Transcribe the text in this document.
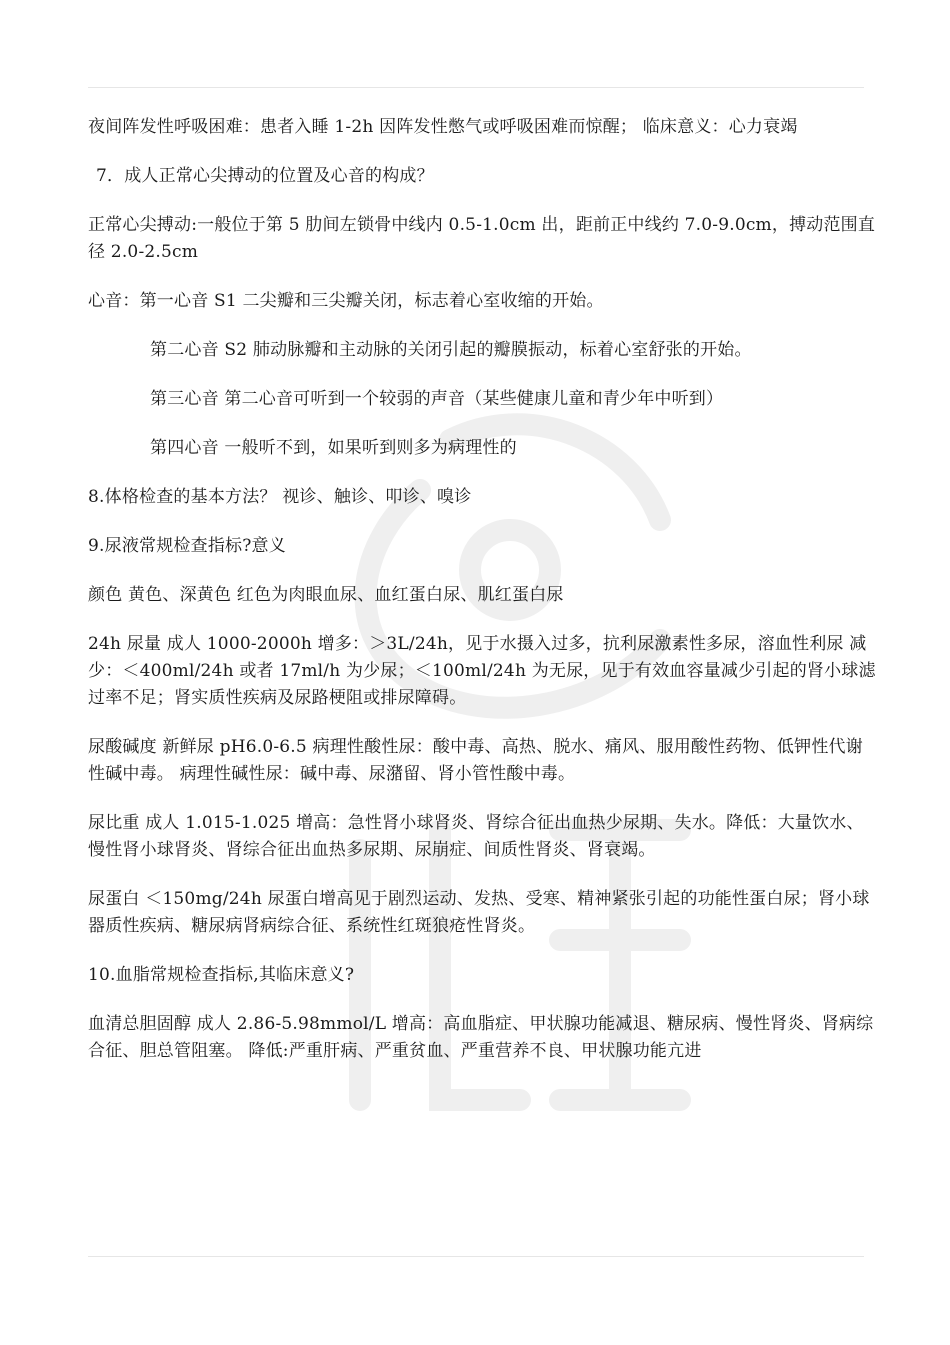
夜间阵发性呼吸困难：患者入睡 1-2h 因阵发性憋气或呼吸困难而惊醒； 临床意义：心力衰竭

7．成人正常心尖搏动的位置及心音的构成？

正常心尖搏动:一般位于第 5 肋间左锁骨中线内 0.5-1.0cm 出，距前正中线约 7.0-9.0cm，搏动范围直径 2.0-2.5cm

心音：第一心音 S1 二尖瓣和三尖瓣关闭，标志着心室收缩的开始。

第二心音 S2 肺动脉瓣和主动脉的关闭引起的瓣膜振动，标着心室舒张的开始。

第三心音 第二心音可听到一个较弱的声音（某些健康儿童和青少年中听到）

第四心音 一般听不到，如果听到则多为病理性的

8.体格检查的基本方法？ 视诊、触诊、叩诊、嗅诊

9.尿液常规检查指标?意义

颜色 黄色、深黄色 红色为肉眼血尿、血红蛋白尿、肌红蛋白尿

24h 尿量 成人 1000-2000h 增多：＞3L/24h，见于水摄入过多，抗利尿激素性多尿，溶血性利尿 减少：＜400ml/24h 或者 17ml/h 为少尿；＜100ml/24h 为无尿，见于有效血容量减少引起的肾小球滤过率不足；肾实质性疾病及尿路梗阻或排尿障碍。

尿酸碱度 新鲜尿 pH6.0-6.5 病理性酸性尿：酸中毒、高热、脱水、痛风、服用酸性药物、低钾性代谢性碱中毒。 病理性碱性尿：碱中毒、尿潴留、肾小管性酸中毒。

尿比重 成人 1.015-1.025 增高：急性肾小球肾炎、肾综合征出血热少尿期、失水。降低：大量饮水、慢性肾小球肾炎、肾综合征出血热多尿期、尿崩症、间质性肾炎、肾衰竭。

尿蛋白 ＜150mg/24h 尿蛋白增高见于剧烈运动、发热、受寒、精神紧张引起的功能性蛋白尿；肾小球器质性疾病、糖尿病肾病综合征、系统性红斑狼疮性肾炎。

10.血脂常规检查指标,其临床意义?

血清总胆固醇 成人 2.86-5.98mmol/L 增高：高血脂症、甲状腺功能减退、糖尿病、慢性肾炎、肾病综合征、胆总管阻塞。 降低:严重肝病、严重贫血、严重营养不良、甲状腺功能亢进
